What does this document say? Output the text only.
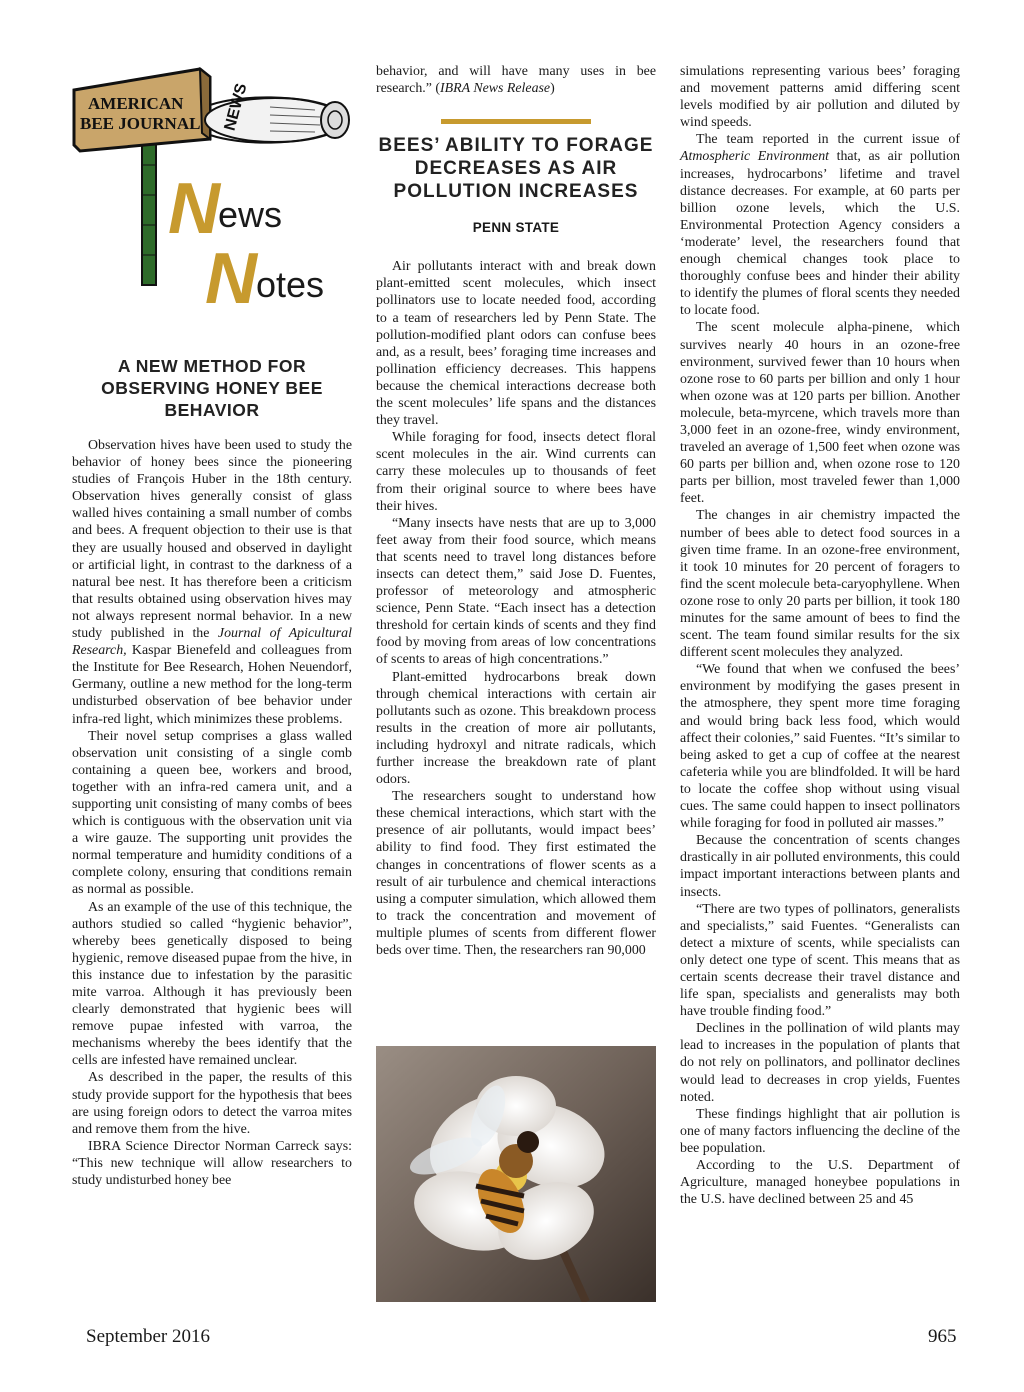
AMERICAN
BEE JOURNAL NEWS
N
ews
N otes
A NEW METHOD FOR OBSERVING HONEY BEE BEHAVIOR

Observation hives have been used to study the behavior of honey bees since the pioneering studies of François Huber in the 18th century. Observation hives generally consist of glass walled hives containing a small number of combs and bees. A frequent objection to their use is that they are usually housed and observed in daylight or artificial light, in contrast to the darkness of a natural bee nest. It has therefore been a criticism that results obtained using observation hives may not always represent normal behavior. In a new study published in the Journal of Apicultural Research, Kaspar Bienefeld and colleagues from the Institute for Bee Research, Hohen Neuendorf, Germany, outline a new method for the long-term undisturbed observation of bee behavior under infra-red light, which minimizes these problems.

Their novel setup comprises a glass walled observation unit consisting of a single comb containing a queen bee, workers and brood, together with an infra-red camera unit, and a supporting unit consisting of many combs of bees which is contiguous with the observation unit via a wire gauze. The supporting unit provides the normal temperature and humidity conditions of a complete colony, ensuring that conditions remain as normal as possible.

As an example of the use of this technique, the authors studied so called “hygienic behavior”, whereby bees genetically disposed to being hygienic, remove diseased pupae from the hive, in this instance due to infestation by the parasitic mite varroa. Although it has previously been clearly demonstrated that hygienic bees will remove pupae infested with varroa, the mechanisms whereby the bees identify that the cells are infested have remained unclear.

As described in the paper, the results of this study provide support for the hypothesis that bees are using foreign odors to detect the varroa mites and remove them from the hive.

IBRA Science Director Norman Carreck says: “This new technique will allow researchers to study undisturbed honey bee

behavior, and will have many uses in bee research.” (IBRA News Release)

BEES’ ABILITY TO FORAGE DECREASES AS AIR POLLUTION INCREASES
PENN STATE

Air pollutants interact with and break down plant-emitted scent molecules, which insect pollinators use to locate needed food, according to a team of researchers led by Penn State. The pollution-modified plant odors can confuse bees and, as a result, bees’ foraging time increases and pollination efficiency decreases. This happens because the chemical interactions decrease both the scent molecules’ life spans and the distances they travel.

While foraging for food, insects detect floral scent molecules in the air. Wind currents can carry these molecules up to thousands of feet from their original source to where bees have their hives.

“Many insects have nests that are up to 3,000 feet away from their food source, which means that scents need to travel long distances before insects can detect them,” said Jose D. Fuentes, professor of meteorology and atmospheric science, Penn State. “Each insect has a detection threshold for certain kinds of scents and they find food by moving from areas of low concentrations of scents to areas of high concentrations.”

Plant-emitted hydrocarbons break down through chemical interactions with certain air pollutants such as ozone. This breakdown process results in the creation of more air pollutants, including hydroxyl and nitrate radicals, which further increase the breakdown rate of plant odors.

The researchers sought to understand how these chemical interactions, which start with the presence of air pollutants, would impact bees’ ability to find food. They first estimated the changes in concentrations of flower scents as a result of air turbulence and chemical interactions using a computer simulation, which allowed them to track the concentration and movement of multiple plumes of scents from different flower beds over time. Then, the researchers ran 90,000

simulations representing various bees’ foraging and movement patterns amid differing scent levels modified by air pollution and diluted by wind speeds.

The team reported in the current issue of Atmospheric Environment that, as air pollution increases, hydrocarbons’ lifetime and travel distance decreases. For example, at 60 parts per billion ozone levels, which the U.S. Environmental Protection Agency considers a ‘moderate’ level, the researchers found that enough chemical changes took place to thoroughly confuse bees and hinder their ability to identify the plumes of floral scents they needed to locate food.

The scent molecule alpha-pinene, which survives nearly 40 hours in an ozone-free environment, survived fewer than 10 hours when ozone rose to 60 parts per billion and only 1 hour when ozone was at 120 parts per billion. Another molecule, beta-myrcene, which travels more than 3,000 feet in an ozone-free, windy environment, traveled an average of 1,500 feet when ozone was 60 parts per billion and, when ozone rose to 120 parts per billion, most traveled fewer than 1,000 feet.

The changes in air chemistry impacted the number of bees able to detect food sources in a given time frame. In an ozone-free environment, it took 10 minutes for 20 percent of foragers to find the scent molecule beta-caryophyllene. When ozone rose to only 20 parts per billion, it took 180 minutes for the same amount of bees to find the scent. The team found similar results for the six different scent molecules they analyzed.

“We found that when we confused the bees’ environment by modifying the gases present in the atmosphere, they spent more time foraging and would bring back less food, which would affect their colonies,” said Fuentes. “It’s similar to being asked to get a cup of coffee at the nearest cafeteria while you are blindfolded. It will be hard to locate the coffee shop without using visual cues. The same could happen to insect pollinators while foraging for food in polluted air masses.”

Because the concentration of scents changes drastically in air polluted environments, this could impact important interactions between plants and insects.

“There are two types of pollinators, generalists and specialists,” said Fuentes. “Generalists can detect a mixture of scents, while specialists can only detect one type of scent. This means that as certain scents decrease their travel distance and life span, specialists and generalists may both have trouble finding food.”

Declines in the pollination of wild plants may lead to increases in the population of plants that do not rely on pollinators, and pollinator declines would lead to decreases in crop yields, Fuentes noted.

These findings highlight that air pollution is one of many factors influencing the decline of the bee population.

According to the U.S. Department of Agriculture, managed honeybee populations in the U.S. have declined between 25 and 45

September 2016	965
